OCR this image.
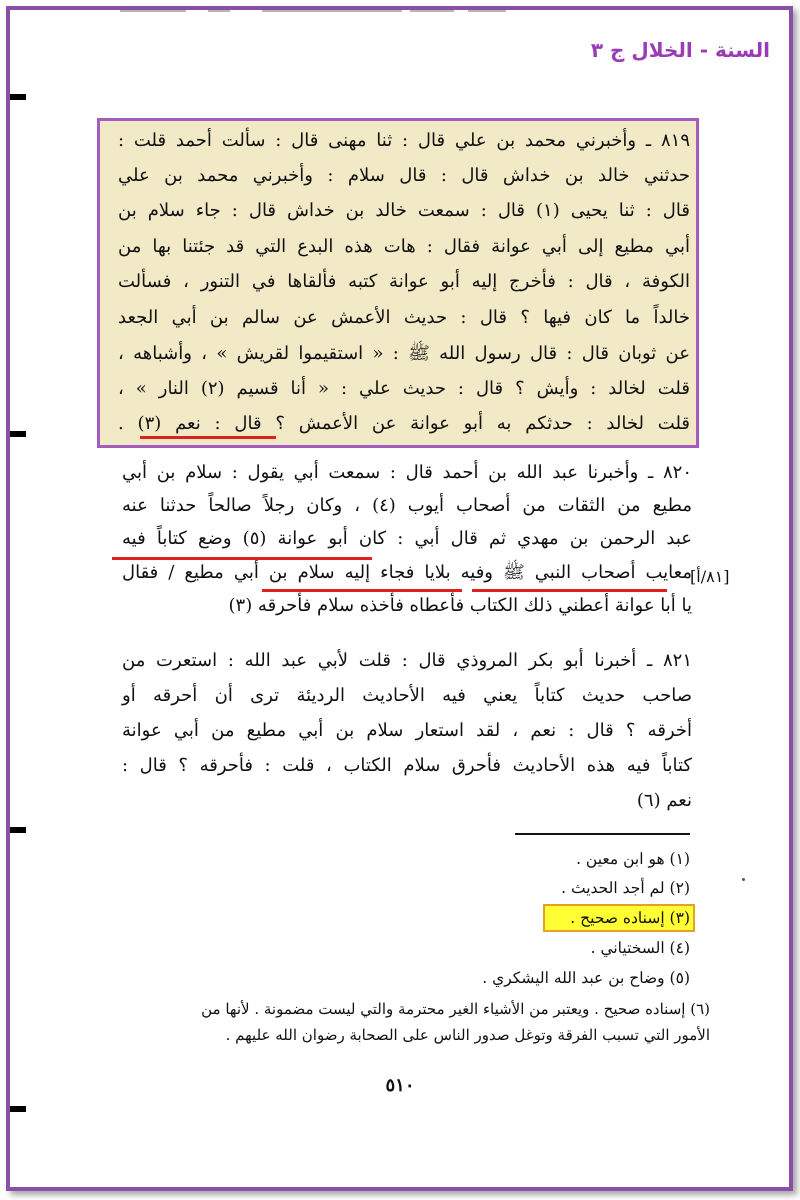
السنة - الخلال ج ٣
٨١٩ ـ وأخبرني محمد بن علي قال : ثنا مهنى قال : سألت أحمد قلت :
حدثني خالد بن خداش قال : قال سلام : وأخبرني محمد بن علي
قال : ثنا يحيى (١) قال : سمعت خالد بن خداش قال : جاء سلام بن
أبي مطيع إلى أبي عوانة فقال : هات هذه البدع التي قد جئتنا بها من
الكوفة ، قال : فأخرج إليه أبو عوانة كتبه فألقاها في التنور ، فسألت
خالداً ما كان فيها ؟ قال : حديث الأعمش عن سالم بن أبي الجعد
عن ثوبان قال : قال رسول الله ﷺ : « استقيموا لقريش » ، وأشباهه ،
قلت لخالد : وأيش ؟ قال : حديث علي : « أنا قسيم (٢) النار » ،
قلت لخالد : حدثكم به أبو عوانة عن الأعمش ؟ قال : نعم (٣) .
٨٢٠ ـ وأخبرنا عبد الله بن أحمد قال : سمعت أبي يقول : سلام بن أبي
مطيع من الثقات من أصحاب أيوب (٤) ، وكان رجلاً صالحاً حدثنا عنه
عبد الرحمن بن مهدي ثم قال أبي : كان أبو عوانة (٥) وضع كتاباً فيه
معايب أصحاب النبي ﷺ وفيه بلايا فجاء إليه سلام بن أبي مطيع / فقال
يا أبا عوانة أعطني ذلك الكتاب فأعطاه فأخذه سلام فأحرقه (٣)
[٨١/أ]
٨٢١ ـ أخبرنا أبو بكر المروذي قال : قلت لأبي عبد الله : استعرت من
صاحب حديث كتاباً يعني فيه الأحاديث الرديئة ترى أن أحرقه أو
أخرقه ؟ قال : نعم ، لقد استعار سلام بن أبي مطيع من أبي عوانة
كتاباً فيه هذه الأحاديث فأحرق سلام الكتاب ، قلت : فأحرقه ؟ قال :
نعم (٦)
(١) هو ابن معين .
(٢) لم أجد الحديث .
(٣) إسناده صحيح .
(٤) السختياني .
(٥) وضاح بن عبد الله اليشكري .
(٦) إسناده صحيح . ويعتبر من الأشياء الغير محترمة والتي ليست مضمونة . لأنها من
الأمور التي تسبب الفرقة وتوغل صدور الناس على الصحابة رضوان الله عليهم .
٥١٠
